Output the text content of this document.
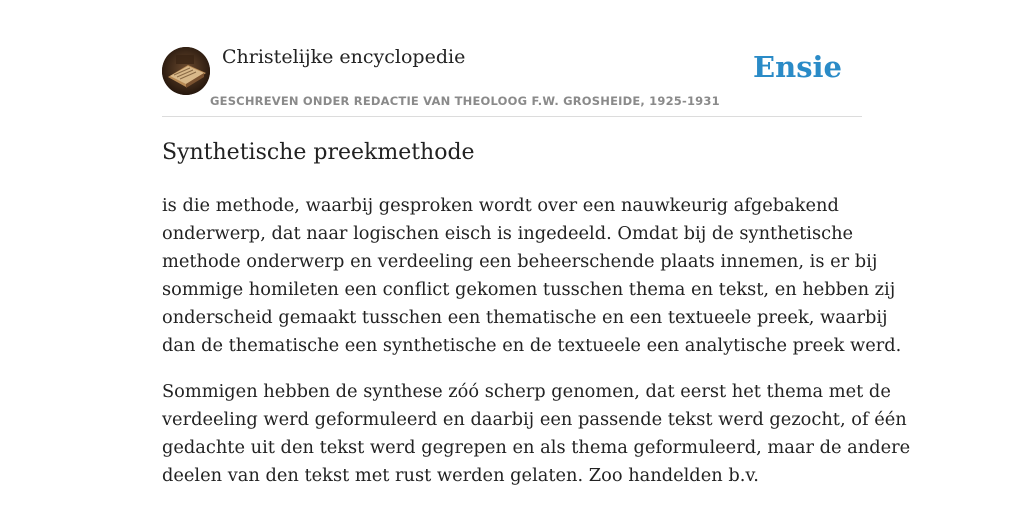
Christelijke encyclopedie
GESCHREVEN ONDER REDACTIE VAN THEOLOOG F.W. GROSHEIDE, 1925-1931
Ensie
Synthetische preekmethode

is die methode, waarbij gesproken wordt over een nauwkeurig afgebakend
onderwerp, dat naar logischen eisch is ingedeeld. Omdat bij de synthetische
methode onderwerp en verdeeling een beheerschende plaats innemen, is er bij
sommige homileten een conflict gekomen tusschen thema en tekst, en hebben zij
onderscheid gemaakt tusschen een thematische en een textueele preek, waarbij
dan de thematische een synthetische en de textueele een analytische preek werd.

Sommigen hebben de synthese zóó scherp genomen, dat eerst het thema met de
verdeeling werd geformuleerd en daarbij een passende tekst werd gezocht, of één
gedachte uit den tekst werd gegrepen en als thema geformuleerd, maar de andere
deelen van den tekst met rust werden gelaten. Zoo handelden b.v.
